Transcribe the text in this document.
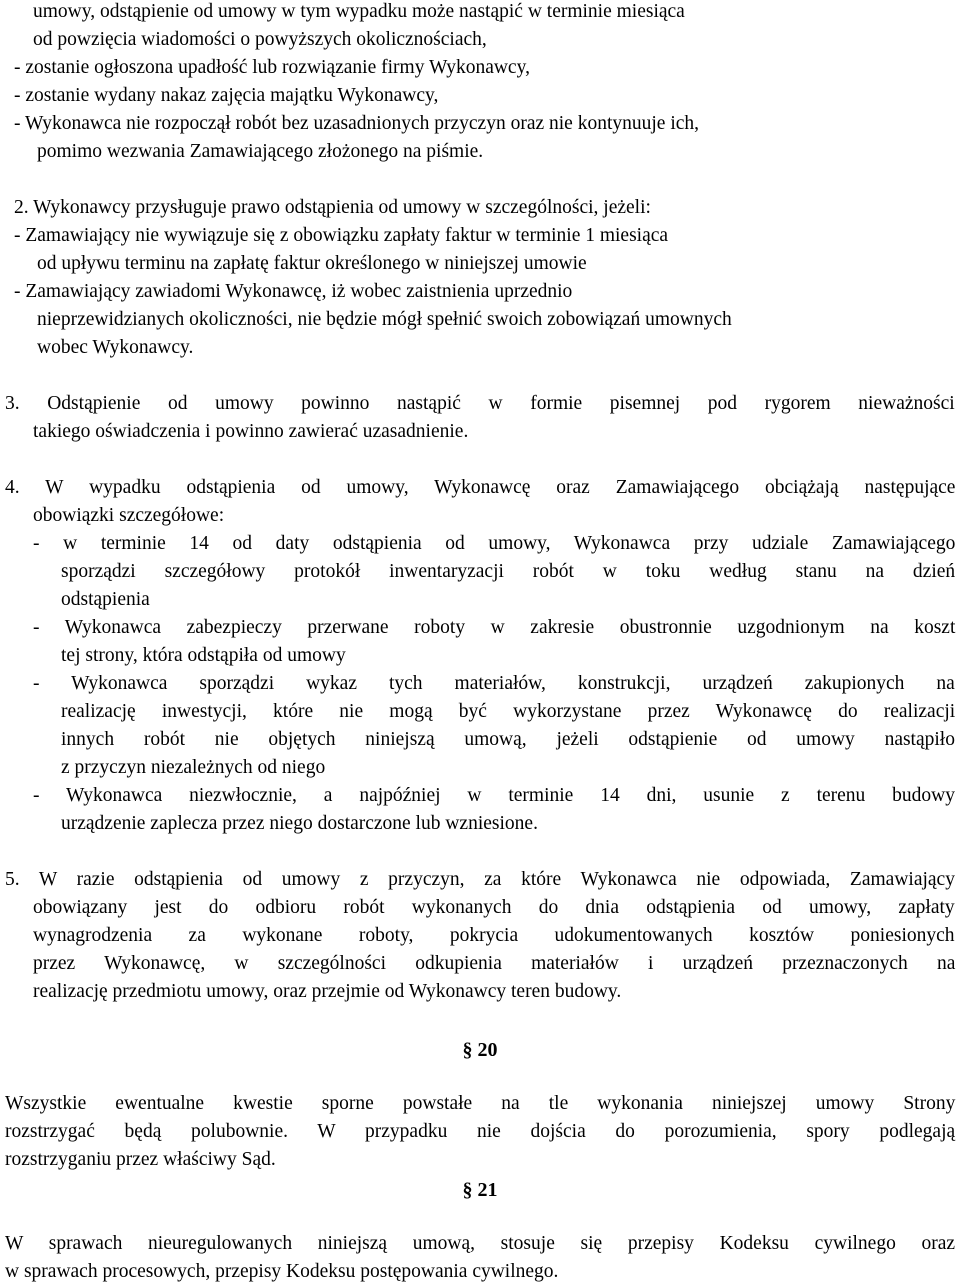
umowy, odstąpienie od umowy w tym wypadku może nastąpić w terminie miesiąca
od powzięcia wiadomości o powyższych okolicznościach,
- zostanie ogłoszona upadłość lub rozwiązanie firmy Wykonawcy,
- zostanie wydany nakaz zajęcia majątku Wykonawcy,
- Wykonawca nie rozpoczął robót bez uzasadnionych przyczyn oraz nie kontynuuje ich,
pomimo wezwania Zamawiającego złożonego na piśmie.
2. Wykonawcy przysługuje prawo odstąpienia od umowy w szczególności, jeżeli:
- Zamawiający nie wywiązuje się z obowiązku zapłaty faktur w terminie 1 miesiąca
od upływu terminu na zapłatę faktur określonego w niniejszej umowie
- Zamawiający zawiadomi Wykonawcę, iż wobec zaistnienia uprzednio
nieprzewidzianych okoliczności, nie będzie mógł spełnić swoich zobowiązań umownych
wobec Wykonawcy.
3. Odstąpienie od umowy powinno nastąpić w formie pisemnej pod rygorem nieważności
takiego oświadczenia i powinno zawierać uzasadnienie.
4. W wypadku odstąpienia od umowy, Wykonawcę oraz Zamawiającego obciążają następujące
obowiązki szczegółowe:
- w terminie 14 od daty odstąpienia od umowy, Wykonawca przy udziale Zamawiającego
sporządzi szczegółowy protokół inwentaryzacji robót w toku według stanu na dzień
odstąpienia
- Wykonawca zabezpieczy przerwane roboty w zakresie obustronnie uzgodnionym na koszt
tej strony, która odstąpiła od umowy
- Wykonawca sporządzi wykaz tych materiałów, konstrukcji, urządzeń zakupionych na
realizację inwestycji, które nie mogą być wykorzystane przez Wykonawcę do realizacji
innych robót nie objętych niniejszą umową, jeżeli odstąpienie od umowy nastąpiło
z przyczyn niezależnych od niego
- Wykonawca niezwłocznie, a najpóźniej w terminie 14 dni, usunie z terenu budowy
urządzenie zaplecza przez niego dostarczone lub wzniesione.
5. W razie odstąpienia od umowy z przyczyn, za które Wykonawca nie odpowiada, Zamawiający
obowiązany jest do odbioru robót wykonanych do dnia odstąpienia od umowy, zapłaty
wynagrodzenia za wykonane roboty, pokrycia udokumentowanych kosztów poniesionych
przez Wykonawcę, w szczególności odkupienia materiałów i urządzeń przeznaczonych na
realizację przedmiotu umowy, oraz przejmie od Wykonawcy teren budowy.
§ 20
Wszystkie ewentualne kwestie sporne powstałe na tle wykonania niniejszej umowy Strony
rozstrzygać będą polubownie. W przypadku nie dojścia do porozumienia, spory podlegają
rozstrzyganiu przez właściwy Sąd.
§ 21
W sprawach nieuregulowanych niniejszą umową, stosuje się przepisy Kodeksu cywilnego oraz
w sprawach procesowych, przepisy Kodeksu postępowania cywilnego.
